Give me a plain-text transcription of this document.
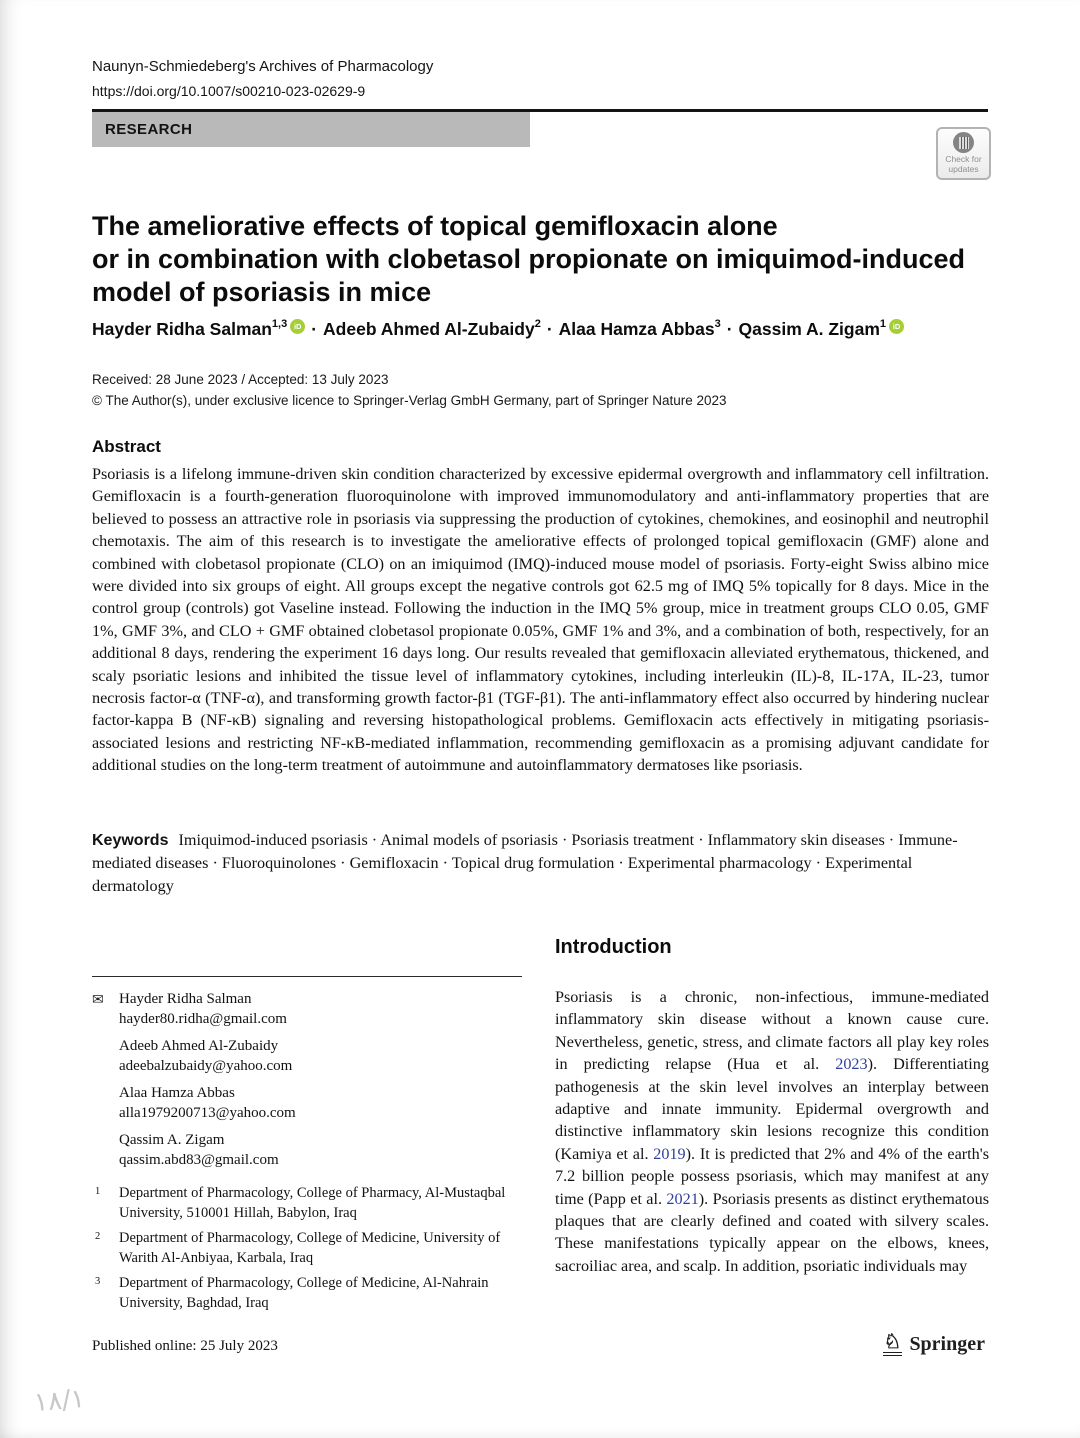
Naunyn-Schmiedeberg's Archives of Pharmacology
https://doi.org/10.1007/s00210-023-02629-9
RESEARCH
Check for
updates
The ameliorative effects of topical gemifloxacin alone
or in combination with clobetasol propionate on imiquimod-induced
model of psoriasis in mice
Hayder Ridha Salman$^{1,3}$ iD · Adeeb Ahmed Al-Zubaidy$^2$ · Alaa Hamza Abbas$^3$ · Qassim A. Zigam$^1$ iD
Received: 28 June 2023 / Accepted: 13 July 2023
© The Author(s), under exclusive licence to Springer-Verlag GmbH Germany, part of Springer Nature 2023
Abstract
Psoriasis is a lifelong immune-driven skin condition characterized by excessive epidermal overgrowth and inflammatory cell infiltration. Gemifloxacin is a fourth-generation fluoroquinolone with improved immunomodulatory and anti-inflammatory properties that are believed to possess an attractive role in psoriasis via suppressing the production of cytokines, chemokines, and eosinophil and neutrophil chemotaxis. The aim of this research is to investigate the ameliorative effects of prolonged topical gemifloxacin (GMF) alone and combined with clobetasol propionate (CLO) on an imiquimod (IMQ)-induced mouse model of psoriasis. Forty-eight Swiss albino mice were divided into six groups of eight. All groups except the negative controls got 62.5 mg of IMQ 5% topically for 8 days. Mice in the control group (controls) got Vaseline instead. Following the induction in the IMQ 5% group, mice in treatment groups CLO 0.05, GMF 1%, GMF 3%, and CLO + GMF obtained clobetasol propionate 0.05%, GMF 1% and 3%, and a combination of both, respectively, for an additional 8 days, rendering the experiment 16 days long. Our results revealed that gemifloxacin alleviated erythematous, thickened, and scaly psoriatic lesions and inhibited the tissue level of inflammatory cytokines, including interleukin (IL)-8, IL-17A, IL-23, tumor necrosis factor-α (TNF-α), and transforming growth factor-β1 (TGF-β1). The anti-inflammatory effect also occurred by hindering nuclear factor-kappa B (NF-κB) signaling and reversing histopathological problems. Gemifloxacin acts effectively in mitigating psoriasis-associated lesions and restricting NF-κB-mediated inflammation, recommending gemifloxacin as a promising adjuvant candidate for additional studies on the long-term treatment of autoimmune and autoinflammatory dermatoses like psoriasis.
Keywords Imiquimod-induced psoriasis · Animal models of psoriasis · Psoriasis treatment · Inflammatory skin diseases · Immune-mediated diseases · Fluoroquinolones · Gemifloxacin · Topical drug formulation · Experimental pharmacology · Experimental dermatology
✉
Hayder Ridha Salman
hayder80.ridha@gmail.com
Adeeb Ahmed Al-Zubaidy
adeebalzubaidy@yahoo.com
Alaa Hamza Abbas
alla1979200713@yahoo.com
Qassim A. Zigam
qassim.abd83@gmail.com
1 Department of Pharmacology, College of Pharmacy, Al-Mustaqbal University, 510001 Hillah, Babylon, Iraq
2 Department of Pharmacology, College of Medicine, University of Warith Al-Anbiyaa, Karbala, Iraq
3 Department of Pharmacology, College of Medicine, Al-Nahrain University, Baghdad, Iraq
Introduction

Psoriasis is a chronic, non-infectious, immune-mediated inflammatory skin disease without a known cause cure. Nevertheless, genetic, stress, and climate factors all play key roles in predicting relapse (Hua et al. 2023). Differentiating pathogenesis at the skin level involves an interplay between adaptive and innate immunity. Epidermal overgrowth and distinctive inflammatory skin lesions recognize this condition (Kamiya et al. 2019). It is predicted that 2% and 4% of the earth's 7.2 billion people possess psoriasis, which may manifest at any time (Papp et al. 2021). Psoriasis presents as distinct erythematous plaques that are clearly defined and coated with silvery scales. These manifestations typically appear on the elbows, knees, sacroiliac area, and scalp. In addition, psoriatic individuals may

Published online: 25 July 2023 ♘	Springer
١٨/١
